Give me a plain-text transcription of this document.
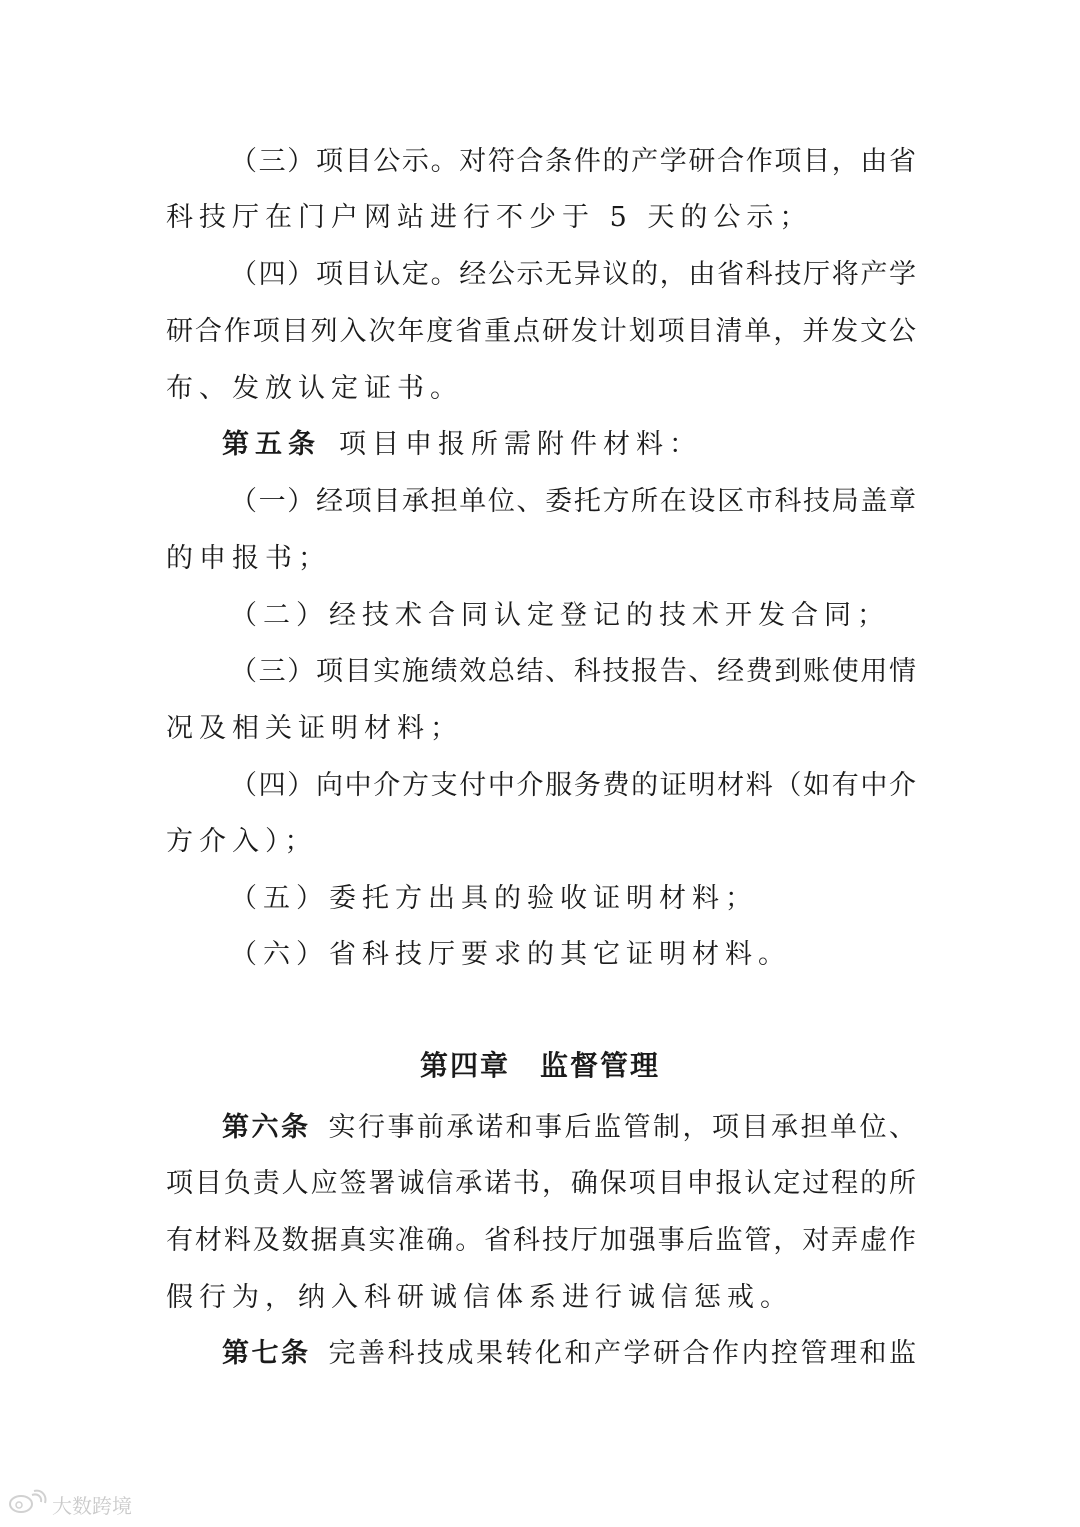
（三）项目公示。对符合条件的产学研合作项目，由省
科技厅在门户网站进行不少于 5 天的公示；
（四）项目认定。经公示无异议的，由省科技厅将产学
研合作项目列入次年度省重点研发计划项目清单，并发文公
布、发放认定证书。
第五条 项目申报所需附件材料：
（一）经项目承担单位、委托方所在设区市科技局盖章
的申报书；
（二）经技术合同认定登记的技术开发合同；
（三）项目实施绩效总结、科技报告、经费到账使用情
况及相关证明材料；
（四）向中介方支付中介服务费的证明材料（如有中介
方介入）；
（五）委托方出具的验收证明材料；
（六）省科技厅要求的其它证明材料。
第四章　监督管理
第六条 实行事前承诺和事后监管制，项目承担单位、
项目负责人应签署诚信承诺书，确保项目申报认定过程的所
有材料及数据真实准确。省科技厅加强事后监管，对弄虚作
假行为，纳入科研诚信体系进行诚信惩戒。
第七条 完善科技成果转化和产学研合作内控管理和监
大数跨境
